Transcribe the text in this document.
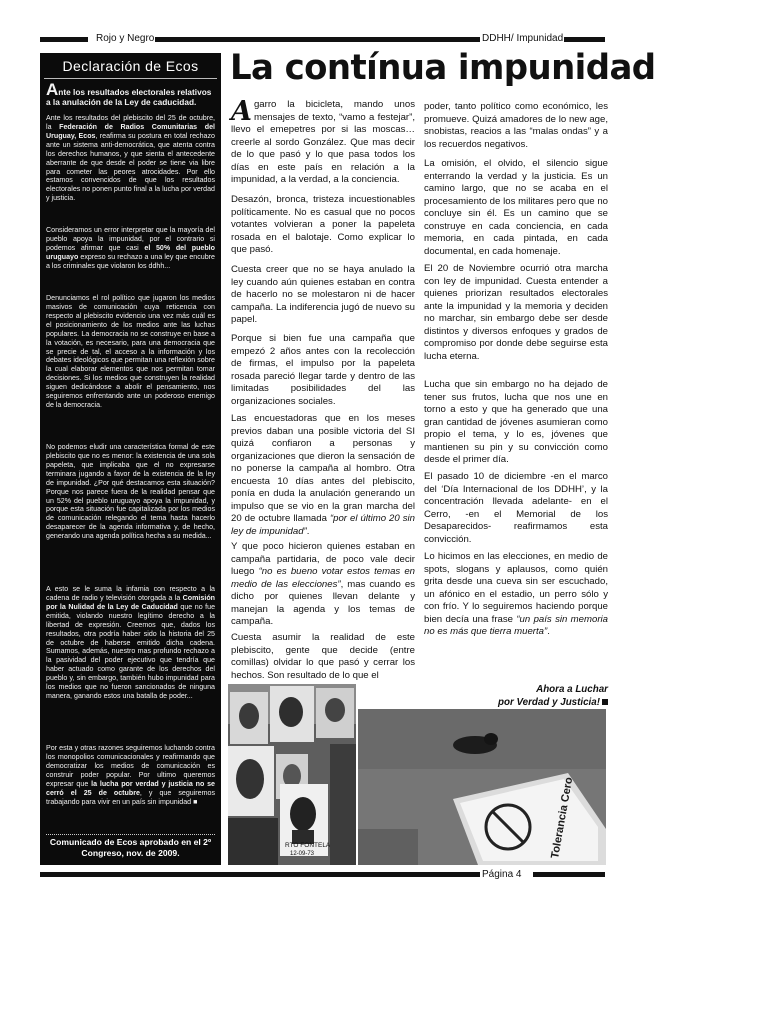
Rojo y Negro	DDHH/ Impunidad
Declaración de Ecos
Ante los resultados electorales relativos a la anulación de la Ley de caducidad.
Ante los resultados del plebiscito del 25 de octubre, la Federación de Radios Comunitarias del Uruguay, Ecos, reafirma su postura en total rechazo ante un sistema anti-democrática, que atenta contra los derechos humanos, y que sienta el antecedente aberrante de que desde el poder se tiene via libre para cometer las peores atrocidades. Por ello estamos convencidos de que los resultados electorales no ponen punto final a la lucha por verdad y justicia.
Consideramos un error interpretar que la mayoría del pueblo apoya la impunidad, por el contrario si podemos afirmar que casi el 50% del pueblo uruguayo expreso su rechazo a una ley que encubre a los criminales que violaron los ddhh...
Denunciamos el rol político que jugaron los medios masivos de comunicación cuya reticencia con respecto al plebiscito evidencio una vez más cuál es el posicionamiento de los medios ante las luchas populares. La democracia no se construye en base a la votación, es necesario, para una democracia que se precie de tal, el acceso a la información y los debates ideológicos que permitan una reflexión sobre la cual elaborar elementos que nos permitan tomar decisiones. Si los medios que construyen la realidad siguen dedicándose a abolir el pensamiento, nos seguiremos enfrentando ante un poderoso enemigo de la democracia.
No podemos eludir una característica formal de este plebiscito que no es menor: la existencia de una sola papeleta, que implicaba que el no expresarse terminara jugando a favor de la existencia de la ley de impunidad. ¿Por qué destacamos esta situación? Porque nos parece fuera de la realidad pensar que un 52% del pueblo uruguayo apoya la impunidad, y porque esta situación fue capitalizada por los medios de comunicación relegando el tema hasta hacerlo desaparecer de la agenda informativa y, de hecho, generando una agenda política hecha a su medida...
A esto se le suma la infamia con respecto a la cadena de radio y televisión otorgada a la Comisión por la Nulidad de la Ley de Caducidad que no fue emitida, violando nuestro legítimo derecho a la libertad de expresión. Creemos que, dados los resultados, otra podría haber sido la historia del 25 de octubre de haberse emitido dicha cadena. Sumamos, además, nuestro mas profundo rechazo a la pasividad del poder ejecutivo que tendría que haber actuado como garante de los derechos del pueblo y, sin embargo, también hubo impunidad para los medios que no fueron sancionados de ninguna manera, ganando estos una batalla de poder...
Por esta y otras razones seguiremos luchando contra los monopolios comunicacionales y reafirmando que democratizar los medios de comunicación es construir poder popular. Por ultimo queremos expresar que la lucha por verdad y justicia no se cerró el 25 de octubre, y que seguiremos trabajando para vivir en un país sin impunidad ■
Comunicado de Ecos aprobado en el 2º Congreso, nov. de 2009.
La contínua impunidad

Agarro la bicicleta, mando unos mensajes de texto, “vamo a festejar”, llevo el emepetres por si las moscas… creerle al sordo González. Que mas decir de lo que pasó y lo que pasa todos los días en este país en relación a la impunidad, a la verdad, a la conciencia.

Desazón, bronca, tristeza incuestionables políticamente. No es casual que no pocos votantes volvieran a poner la papeleta rosada en el balotaje. Como explicar lo que pasó.

Cuesta creer que no se haya anulado la ley cuando aún quienes estaban en contra de hacerlo no se molestaron ni de hacer campaña. La indiferencia jugó de nuevo su papel.

Porque si bien fue una campaña que empezó 2 años antes con la recolección de firmas, el impulso por la papeleta rosada pareció llegar tarde y dentro de las limitadas posibilidades del las organizaciones sociales.

Las encuestadoras que en los meses previos daban una posible victoria del SI quizá confiaron a personas y organizaciones que dieron la sensación de no ponerse la campaña al hombro. Otra encuesta 10 días antes del plebiscito, ponía en duda la anulación generando un impulso que se vio en la gran marcha del 20 de octubre llamada “por el último 20 sin ley de impunidad”.

Y que poco hicieron quienes estaban en campaña partidaria, de poco vale decir luego “no es bueno votar estos temas en medio de las elecciones”, mas cuando es dicho por quienes llevan delante y manejan la agenda y los temas de campaña.

Cuesta asumir la realidad de este plebiscito, gente que decide (entre comillas) olvidar lo que pasó y cerrar los hechos. Son resultado de lo que el

poder, tanto político como económico, les promueve. Quizá amadores de lo new age, snobistas, reacios a las “malas ondas” y a los recuerdos negativos.

La omisión, el olvido, el silencio sigue enterrando la verdad y la justicia. Es un camino largo, que no se acaba en el procesamiento de los militares pero que no concluye sin él. Es un camino que se construye en cada conciencia, en cada memoria, en cada pintada, en cada documental, en cada homenaje.

El 20 de Noviembre ocurrió otra marcha con ley de impunidad. Cuesta entender a quienes priorizan resultados electorales ante la impunidad y la memoria y deciden no marchar, sin embargo debe ser desde distintos y diversos enfoques y grados de compromiso por donde debe seguirse esta lucha eterna.

Lucha que sin embargo no ha dejado de tener sus frutos, lucha que nos une en torno a esto y que ha generado que una gran cantidad de jóvenes asumieran como propio el tema, y lo es, jóvenes que mantienen su pin y su convicción como desde el primer día.

El pasado 10 de diciembre -en el marco del ‘Día Internacional de los DDHH’, y la concentración llevada adelante- en el Cerro, -en el Memorial de los Desaparecidos- reafirmamos esta convicción.

Lo hicimos en las elecciones, en medio de spots, slogans y aplausos, como quién grita desde una cueva sin ser escuchado, un afónico en el estadio, un perro sólo y con frío. Y lo seguiremos haciendo porque bien decía una frase “un país sin memoria no es más que tierra muerta”.

Ahora a Luchar
por Verdad y Justicia!
RTO FONTELA
12-09-73	Tolerancia Cero
Página 4
